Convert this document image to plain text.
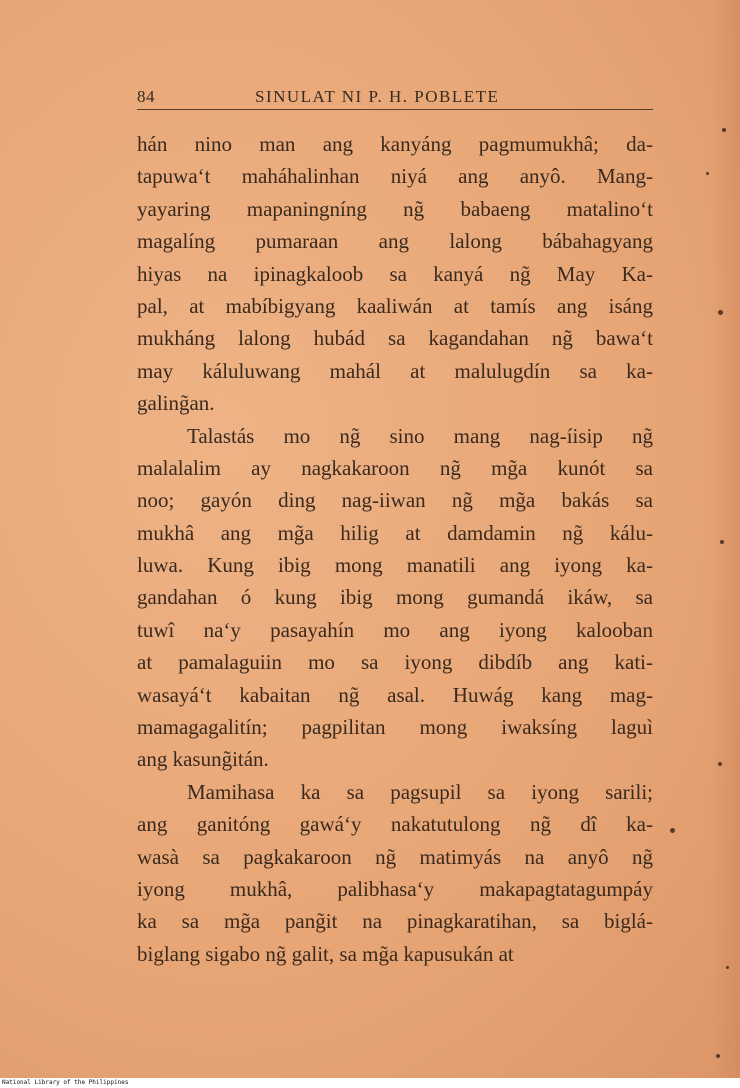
84	SINULAT NI P. H. POBLETE
hán nino man ang kanyáng pagmumukhâ; da-
tapuwa‘t maháhalinhan niyá ang anyô. Mang-
yayaring mapaningníng ng̃ babaeng matalino‘t
magalíng pumaraan ang lalong bábahagyang
hiyas na ipinagkaloob sa kanyá ng̃ May Ka-
pal, at mabíbigyang kaaliwán at tamís ang isáng
mukháng lalong hubád sa kagandahan ng̃ bawa‘t
may káluluwang mahál at malulugdín sa ka-
galing̃an.
Talastás mo ng̃ sino mang nag-íisip ng̃
malalalim ay nagkakaroon ng̃ mg̃a kunót sa
noo; gayón ding nag-iiwan ng̃ mg̃a bakás sa
mukhâ ang mg̃a hilig at damdamin ng̃ kálu-
luwa. Kung ibig mong manatili ang iyong ka-
gandahan ó kung ibig mong gumandá ikáw, sa
tuwî na‘y pasayahín mo ang iyong kalooban
at pamalaguiin mo sa iyong dibdíb ang kati-
wasayá‘t kabaitan ng̃ asal. Huwág kang mag-
mamagagalitín; pagpilitan mong iwaksíng laguì
ang kasung̃itán.
Mamihasa ka sa pagsupil sa iyong sarili;
ang ganitóng gawá‘y nakatutulong ng̃ dî ka-
wasà sa pagkakaroon ng̃ matimyás na anyô ng̃
iyong mukhâ, palibhasa‘y makapagtatagumpáy
ka sa mg̃a pang̃it na pinagkaratihan, sa biglá-
biglang sigabo ng̃ galit, sa mg̃a kapusukán at
National Library of the Philippines
